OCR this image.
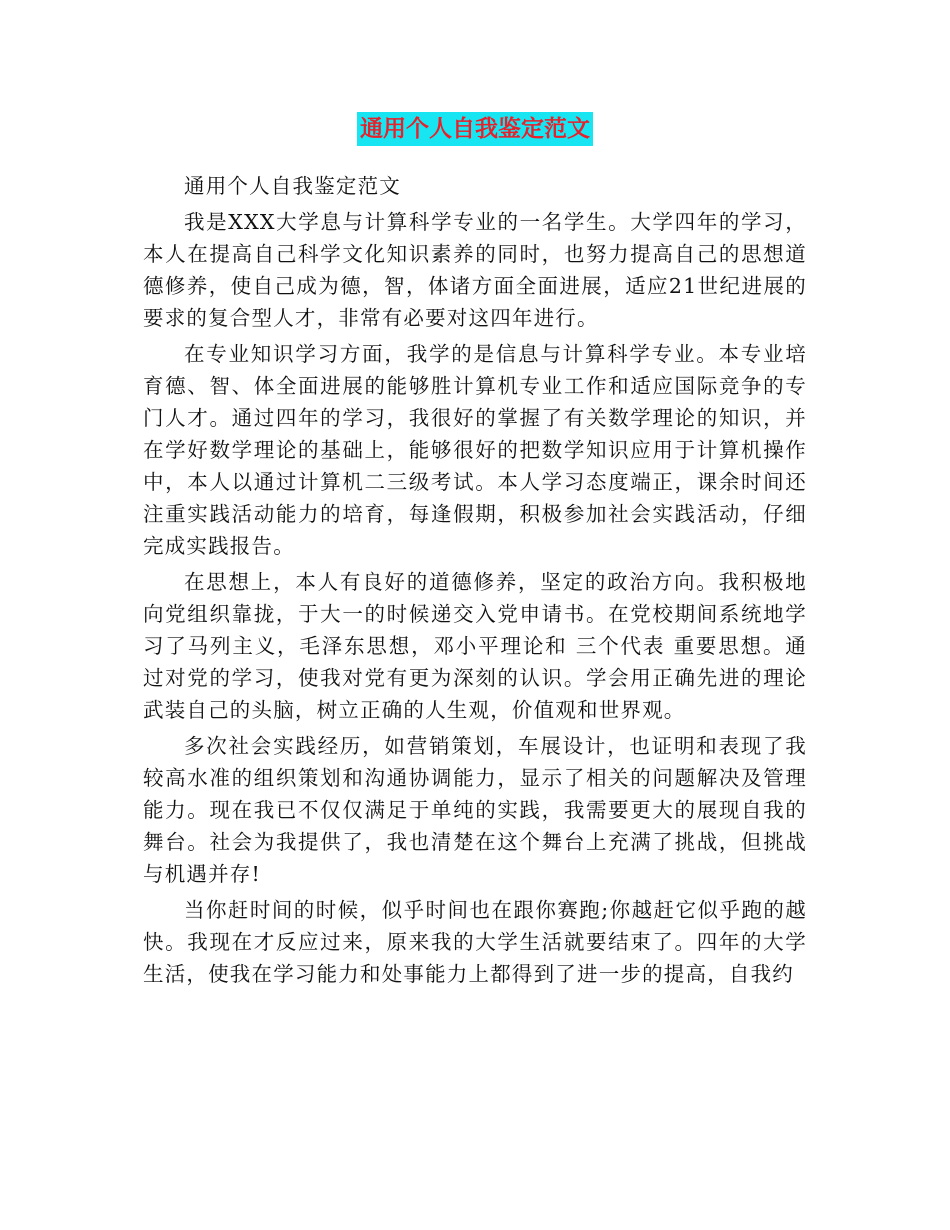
通用个人自我鉴定范文

通用个人自我鉴定范文

我是XXX大学息与计算科学专业的一名学生。大学四年的学习，本人在提高自己科学文化知识素养的同时，也努力提高自己的思想道德修养，使自己成为德，智，体诸方面全面进展，适应21世纪进展的要求的复合型人才，非常有必要对这四年进行。

在专业知识学习方面，我学的是信息与计算科学专业。本专业培育德、智、体全面进展的能够胜计算机专业工作和适应国际竞争的专门人才。通过四年的学习，我很好的掌握了有关数学理论的知识，并在学好数学理论的基础上，能够很好的把数学知识应用于计算机操作中，本人以通过计算机二三级考试。本人学习态度端正，课余时间还注重实践活动能力的培育，每逢假期，积极参加社会实践活动，仔细完成实践报告。

在思想上，本人有良好的道德修养，坚定的政治方向。我积极地向党组织靠拢，于大一的时候递交入党申请书。在党校期间系统地学习了马列主义，毛泽东思想，邓小平理论和 三个代表 重要思想。通过对党的学习，使我对党有更为深刻的认识。学会用正确先进的理论武装自己的头脑，树立正确的人生观，价值观和世界观。

多次社会实践经历，如营销策划，车展设计，也证明和表现了我较高水准的组织策划和沟通协调能力，显示了相关的问题解决及管理能力。现在我已不仅仅满足于单纯的实践，我需要更大的展现自我的舞台。社会为我提供了，我也清楚在这个舞台上充满了挑战，但挑战与机遇并存!

当你赶时间的时候，似乎时间也在跟你赛跑;你越赶它似乎跑的越快。我现在才反应过来，原来我的大学生活就要结束了。四年的大学生活，使我在学习能力和处事能力上都得到了进一步的提高，自我约
